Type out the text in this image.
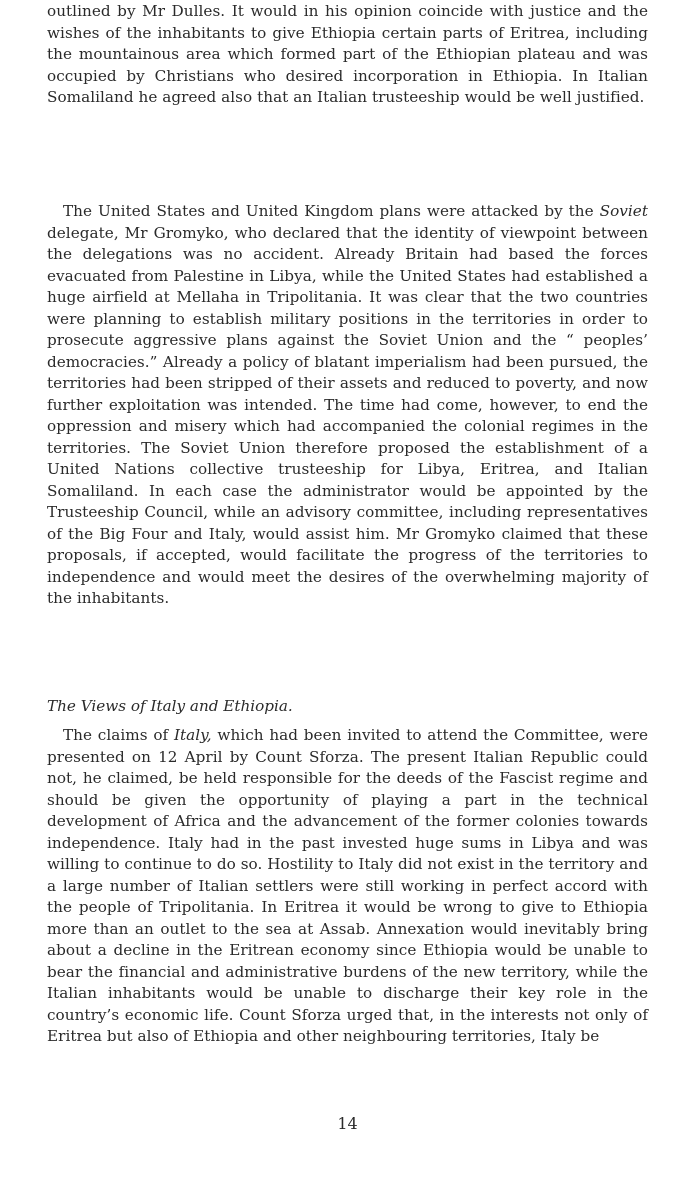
outlined by Mr Dulles. It would in his opinion coincide with justice and the wishes of the inhabitants to give Ethiopia certain parts of Eritrea, including the mountainous area which formed part of the Ethiopian plateau and was occupied by Christians who desired incorporation in Ethiopia. In Italian Somaliland he agreed also that an Italian trusteeship would be well justified.

The United States and United Kingdom plans were attacked by the Soviet delegate, Mr Gromyko, who declared that the identity of viewpoint between the delegations was no accident. Already Britain had based the forces evacuated from Palestine in Libya, while the United States had established a huge airfield at Mellaha in Tripolitania. It was clear that the two countries were planning to establish military positions in the territories in order to prosecute aggressive plans against the Soviet Union and the “ peoples’ democracies.” Already a policy of blatant imperialism had been pursued, the territories had been stripped of their assets and reduced to poverty, and now further exploitation was intended. The time had come, however, to end the oppression and misery which had accompanied the colonial regimes in the territories. The Soviet Union therefore proposed the establishment of a United Nations collective trusteeship for Libya, Eritrea, and Italian Somaliland. In each case the administrator would be appointed by the Trusteeship Council, while an advisory committee, including representatives of the Big Four and Italy, would assist him. Mr Gromyko claimed that these proposals, if accepted, would facilitate the progress of the territories to independence and would meet the desires of the overwhelming majority of the inhabitants.

The Views of Italy and Ethiopia.

The claims of Italy, which had been invited to attend the Committee, were presented on 12 April by Count Sforza. The present Italian Republic could not, he claimed, be held responsible for the deeds of the Fascist regime and should be given the opportunity of playing a part in the technical development of Africa and the advancement of the former colonies towards independence. Italy had in the past invested huge sums in Libya and was willing to continue to do so. Hostility to Italy did not exist in the territory and a large number of Italian settlers were still working in perfect accord with the people of Tripolitania. In Eritrea it would be wrong to give to Ethiopia more than an outlet to the sea at Assab. Annexation would inevitably bring about a decline in the Eritrean economy since Ethiopia would be unable to bear the financial and administrative burdens of the new territory, while the Italian inhabitants would be unable to discharge their key role in the country’s economic life. Count Sforza urged that, in the interests not only of Eritrea but also of Ethiopia and other neighbouring territories, Italy be

14
